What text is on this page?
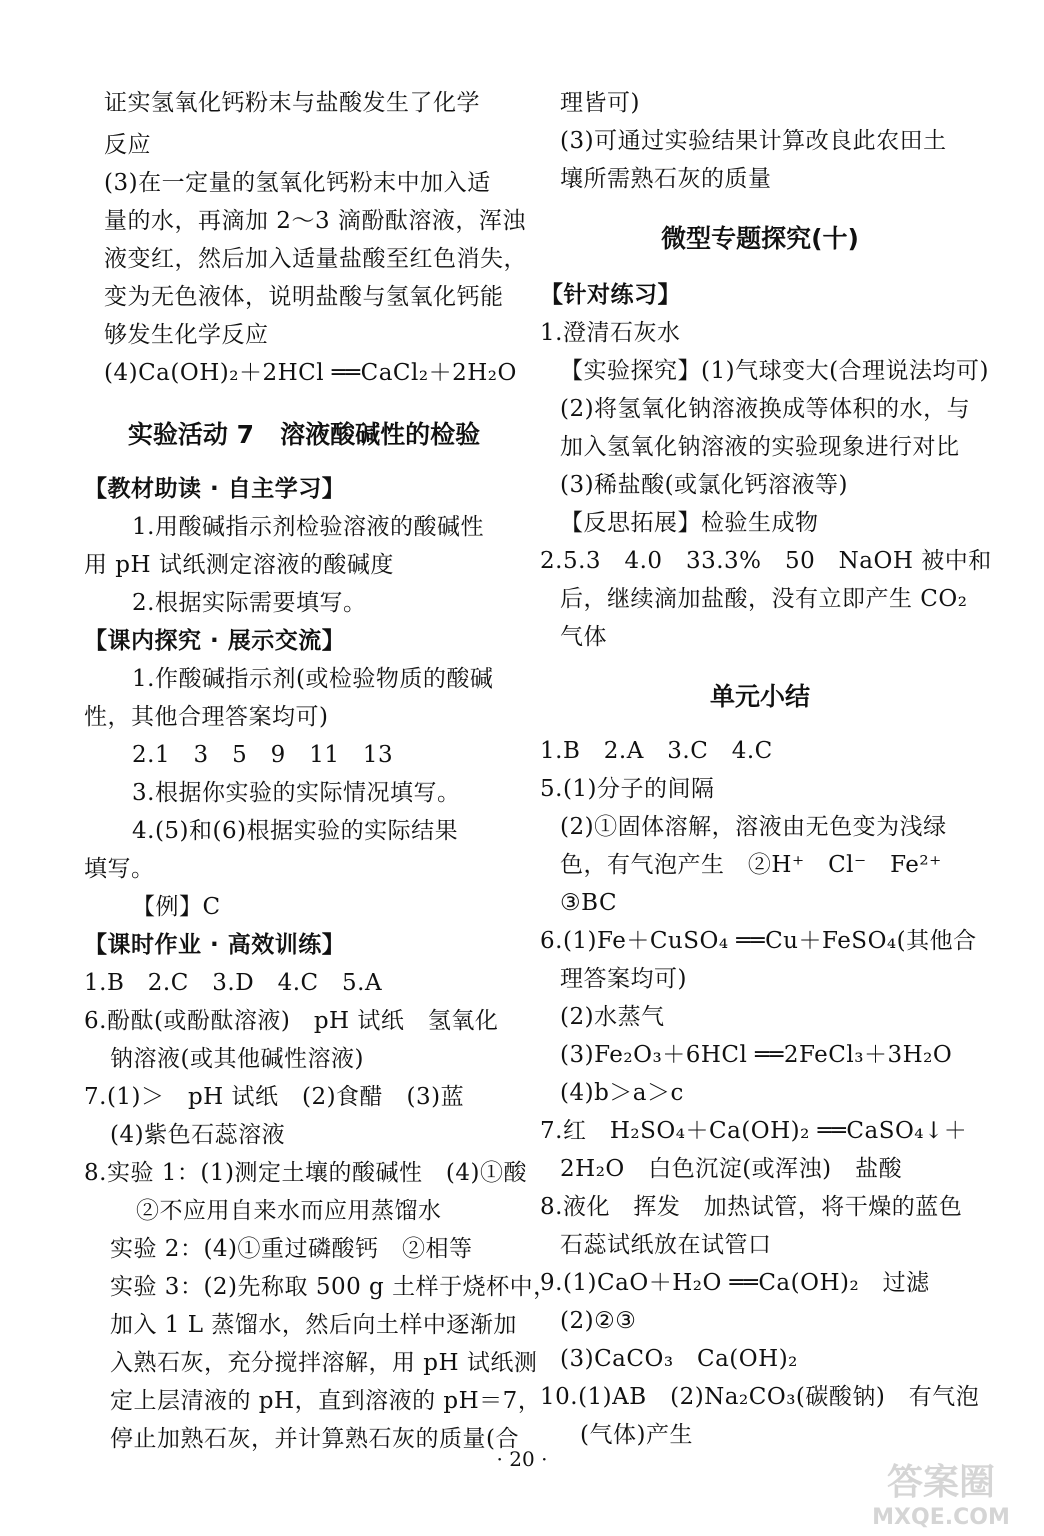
证实氢氧化钙粉末与盐酸发生了化学
反应
(3)在一定量的氢氧化钙粉末中加入适
量的水，再滴加 2～3 滴酚酞溶液，浑浊
液变红，然后加入适量盐酸至红色消失，
变为无色液体，说明盐酸与氢氧化钙能
够发生化学反应
(4)Ca(OH)₂＋2HCl ══CaCl₂＋2H₂O
实验活动 7   溶液酸碱性的检验
【教材助读 · 自主学习】
1.用酸碱指示剂检验溶液的酸碱性
用 pH 试纸测定溶液的酸碱度
2.根据实际需要填写。
【课内探究 · 展示交流】
1.作酸碱指示剂(或检验物质的酸碱
性，其他合理答案均可)
2.1   3   5   9   11   13
3.根据你实验的实际情况填写。
4.(5)和(6)根据实验的实际结果
填写。
【例】C
【课时作业 · 高效训练】
1.B   2.C   3.D   4.C   5.A
6.酚酞(或酚酞溶液)   pH 试纸   氢氧化
钠溶液(或其他碱性溶液)
7.(1)＞   pH 试纸   (2)食醋   (3)蓝
(4)紫色石蕊溶液
8.实验 1：(1)测定土壤的酸碱性   (4)①酸
②不应用自来水而应用蒸馏水
实验 2：(4)①重过磷酸钙   ②相等
实验 3：(2)先称取 500 g 土样于烧杯中，
加入 1 L 蒸馏水，然后向土样中逐渐加
入熟石灰，充分搅拌溶解，用 pH 试纸测
定上层清液的 pH，直到溶液的 pH＝7，
停止加熟石灰，并计算熟石灰的质量(合
理皆可)
(3)可通过实验结果计算改良此农田土
壤所需熟石灰的质量
微型专题探究(十)
【针对练习】
1.澄清石灰水
【实验探究】(1)气球变大(合理说法均可)
(2)将氢氧化钠溶液换成等体积的水，与
加入氢氧化钠溶液的实验现象进行对比
(3)稀盐酸(或氯化钙溶液等)
【反思拓展】检验生成物
2.5.3   4.0   33.3%   50   NaOH 被中和
后，继续滴加盐酸，没有立即产生 CO₂
气体
单元小结
1.B   2.A   3.C   4.C
5.(1)分子的间隔
(2)①固体溶解，溶液由无色变为浅绿
色，有气泡产生   ②H⁺   Cl⁻   Fe²⁺
③BC
6.(1)Fe＋CuSO₄ ══Cu＋FeSO₄(其他合
理答案均可)
(2)水蒸气
(3)Fe₂O₃＋6HCl ══2FeCl₃＋3H₂O
(4)b＞a＞c
7.红   H₂SO₄＋Ca(OH)₂ ══CaSO₄↓＋
2H₂O   白色沉淀(或浑浊)   盐酸
8.液化   挥发   加热试管，将干燥的蓝色
石蕊试纸放在试管口
9.(1)CaO＋H₂O ══Ca(OH)₂   过滤
(2)②③
(3)CaCO₃   Ca(OH)₂
10.(1)AB   (2)Na₂CO₃(碳酸钠)   有气泡
(气体)产生
· 20 ·
答案圈
MXQE.COM
